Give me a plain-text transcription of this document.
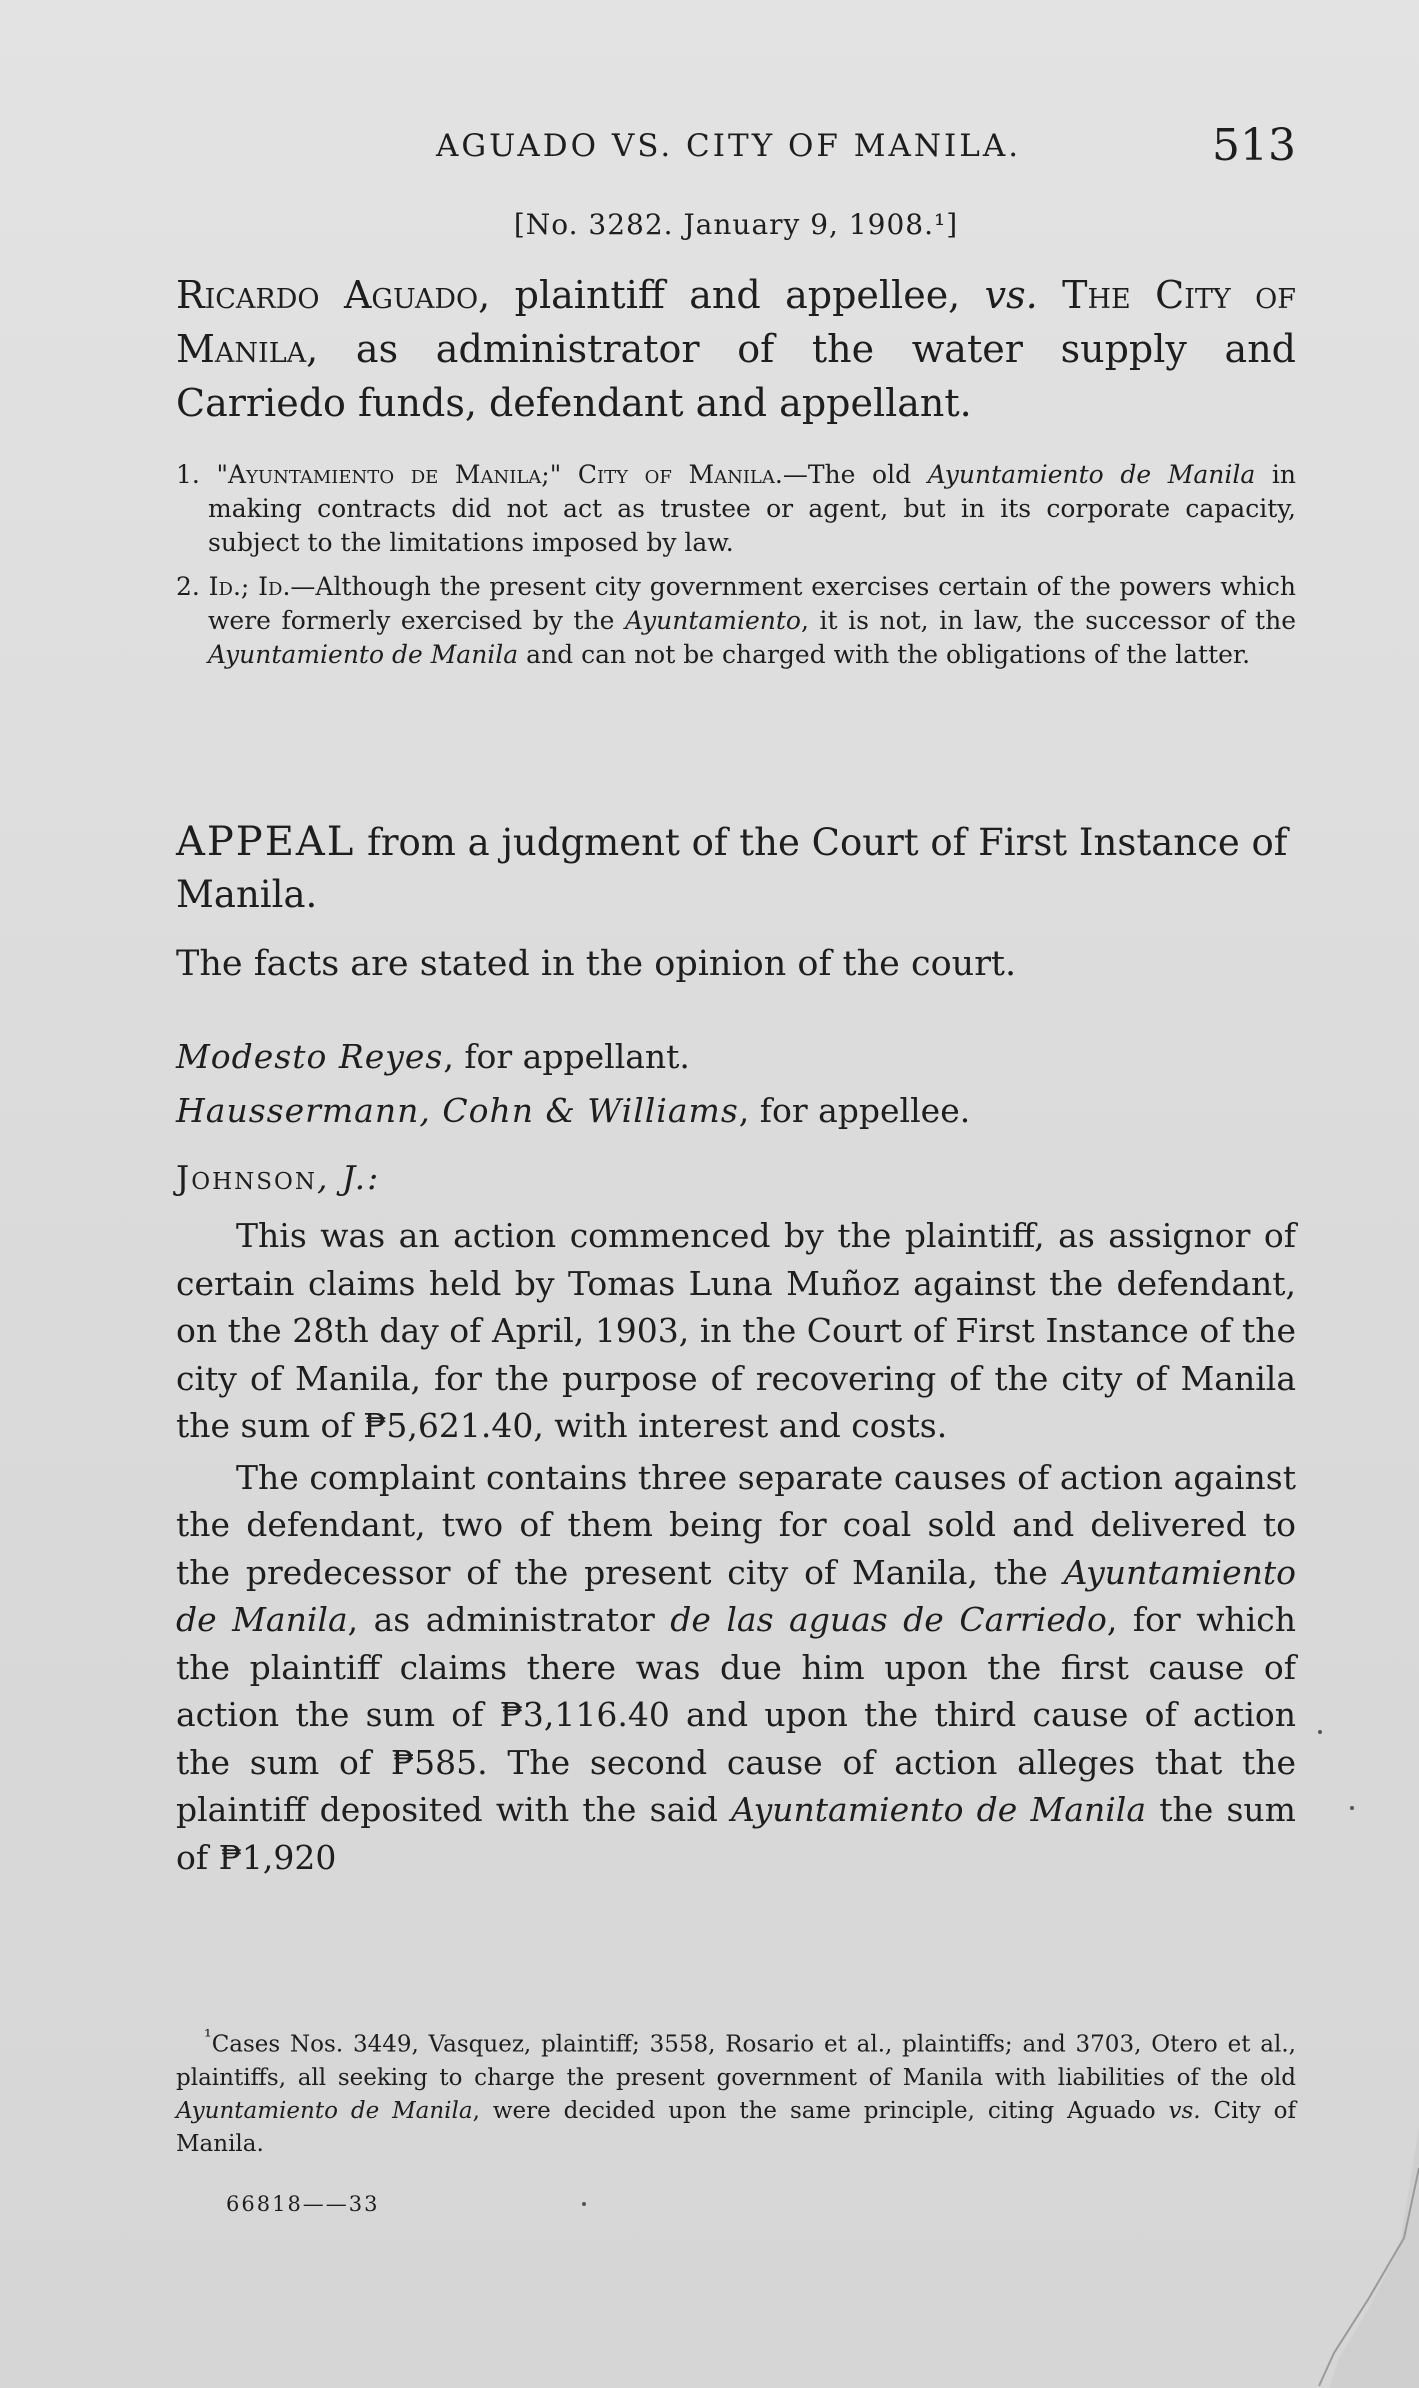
AGUADO VS. CITY OF MANILA.	513
[No. 3282. January 9, 1908.¹]
Ricardo Aguado, plaintiff and appellee, vs. The City of Manila, as administrator of the water supply and Carriedo funds, defendant and appellant.
1. "Ayuntamiento de Manila;" City of Manila.—The old Ayuntamiento de Manila in making contracts did not act as trustee or agent, but in its corporate capacity, subject to the limitations imposed by law.
2. Id.; Id.—Although the present city government exercises certain of the powers which were formerly exercised by the Ayuntamiento, it is not, in law, the successor of the Ayuntamiento de Manila and can not be charged with the obligations of the latter.
APPEAL from a judgment of the Court of First Instance of Manila.
The facts are stated in the opinion of the court.
Modesto Reyes, for appellant.
Haussermann, Cohn & Williams, for appellee.
Johnson, J.:

This was an action commenced by the plaintiff, as assignor of certain claims held by Tomas Luna Muñoz against the defendant, on the 28th day of April, 1903, in the Court of First Instance of the city of Manila, for the purpose of recovering of the city of Manila the sum of ₱5,621.40, with interest and costs.

The complaint contains three separate causes of action against the defendant, two of them being for coal sold and delivered to the predecessor of the present city of Manila, the Ayuntamiento de Manila, as administrator de las aguas de Carriedo, for which the plaintiff claims there was due him upon the first cause of action the sum of ₱3,116.40 and upon the third cause of action the sum of ₱585. The second cause of action alleges that the plaintiff deposited with the said Ayuntamiento de Manila the sum of ₱1,920

$^{^1}$Cases Nos. 3449, Vasquez, plaintiff; 3558, Rosario et al., plaintiffs; and 3703, Otero et al., plaintiffs, all seeking to charge the present government of Manila with liabilities of the old Ayuntamiento de Manila, were decided upon the same principle, citing Aguado vs. City of Manila.

66818——33
